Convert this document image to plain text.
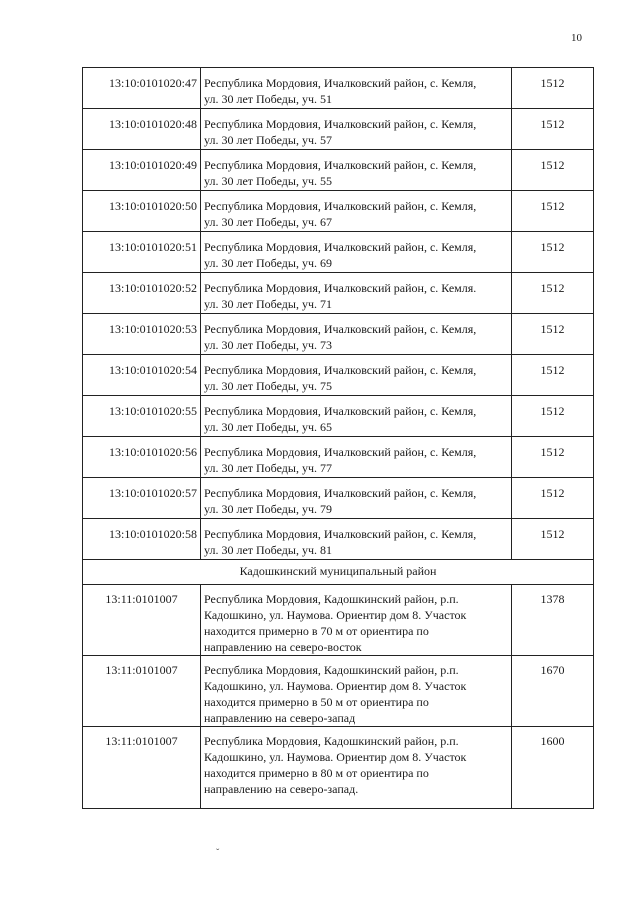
10
13:10:0101020:47	Республика Мордовия, Ичалковский район, с. Кемля,
ул. 30 лет Победы, уч. 51	1512
13:10:0101020:48	Республика Мордовия, Ичалковский район, с. Кемля,
ул. 30 лет Победы, уч. 57	1512
13:10:0101020:49	Республика Мордовия, Ичалковский район, с. Кемля,
ул. 30 лет Победы, уч. 55	1512
13:10:0101020:50	Республика Мордовия, Ичалковский район, с. Кемля,
ул. 30 лет Победы, уч. 67	1512
13:10:0101020:51	Республика Мордовия, Ичалковский район, с. Кемля,
ул. 30 лет Победы, уч. 69	1512
13:10:0101020:52	Республика Мордовия, Ичалковский район, с. Кемля.
ул. 30 лет Победы, уч. 71	1512
13:10:0101020:53	Республика Мордовия, Ичалковский район, с. Кемля,
ул. 30 лет Победы, уч. 73	1512
13:10:0101020:54	Республика Мордовия, Ичалковский район, с. Кемля,
ул. 30 лет Победы, уч. 75	1512
13:10:0101020:55	Республика Мордовия, Ичалковский район, с. Кемля,
ул. 30 лет Победы, уч. 65	1512
13:10:0101020:56	Республика Мордовия, Ичалковский район, с. Кемля,
ул. 30 лет Победы, уч. 77	1512
13:10:0101020:57	Республика Мордовия, Ичалковский район, с. Кемля,
ул. 30 лет Победы, уч. 79	1512
13:10:0101020:58	Республика Мордовия, Ичалковский район, с. Кемля,
ул. 30 лет Победы, уч. 81	1512
Кадошкинский муниципальный район		
13:11:0101007	Республика Мордовия, Кадошкинский район, р.п.
Кадошкино, ул. Наумова. Ориентир дом 8. Участок
находится примерно в 70 м от ориентира по
направлению на северо-восток	1378
13:11:0101007	Республика Мордовия, Кадошкинский район, р.п.
Кадошкино, ул. Наумова. Ориентир дом 8. Участок
находится примерно в 50 м от ориентира по
направлению на северо-запад	1670
13:11:0101007	Республика Мордовия, Кадошкинский район, р.п.
Кадошкино, ул. Наумова. Ориентир дом 8. Участок
находится примерно в 80 м от ориентира по
направлению на северо-запад.	1600
ˇ
